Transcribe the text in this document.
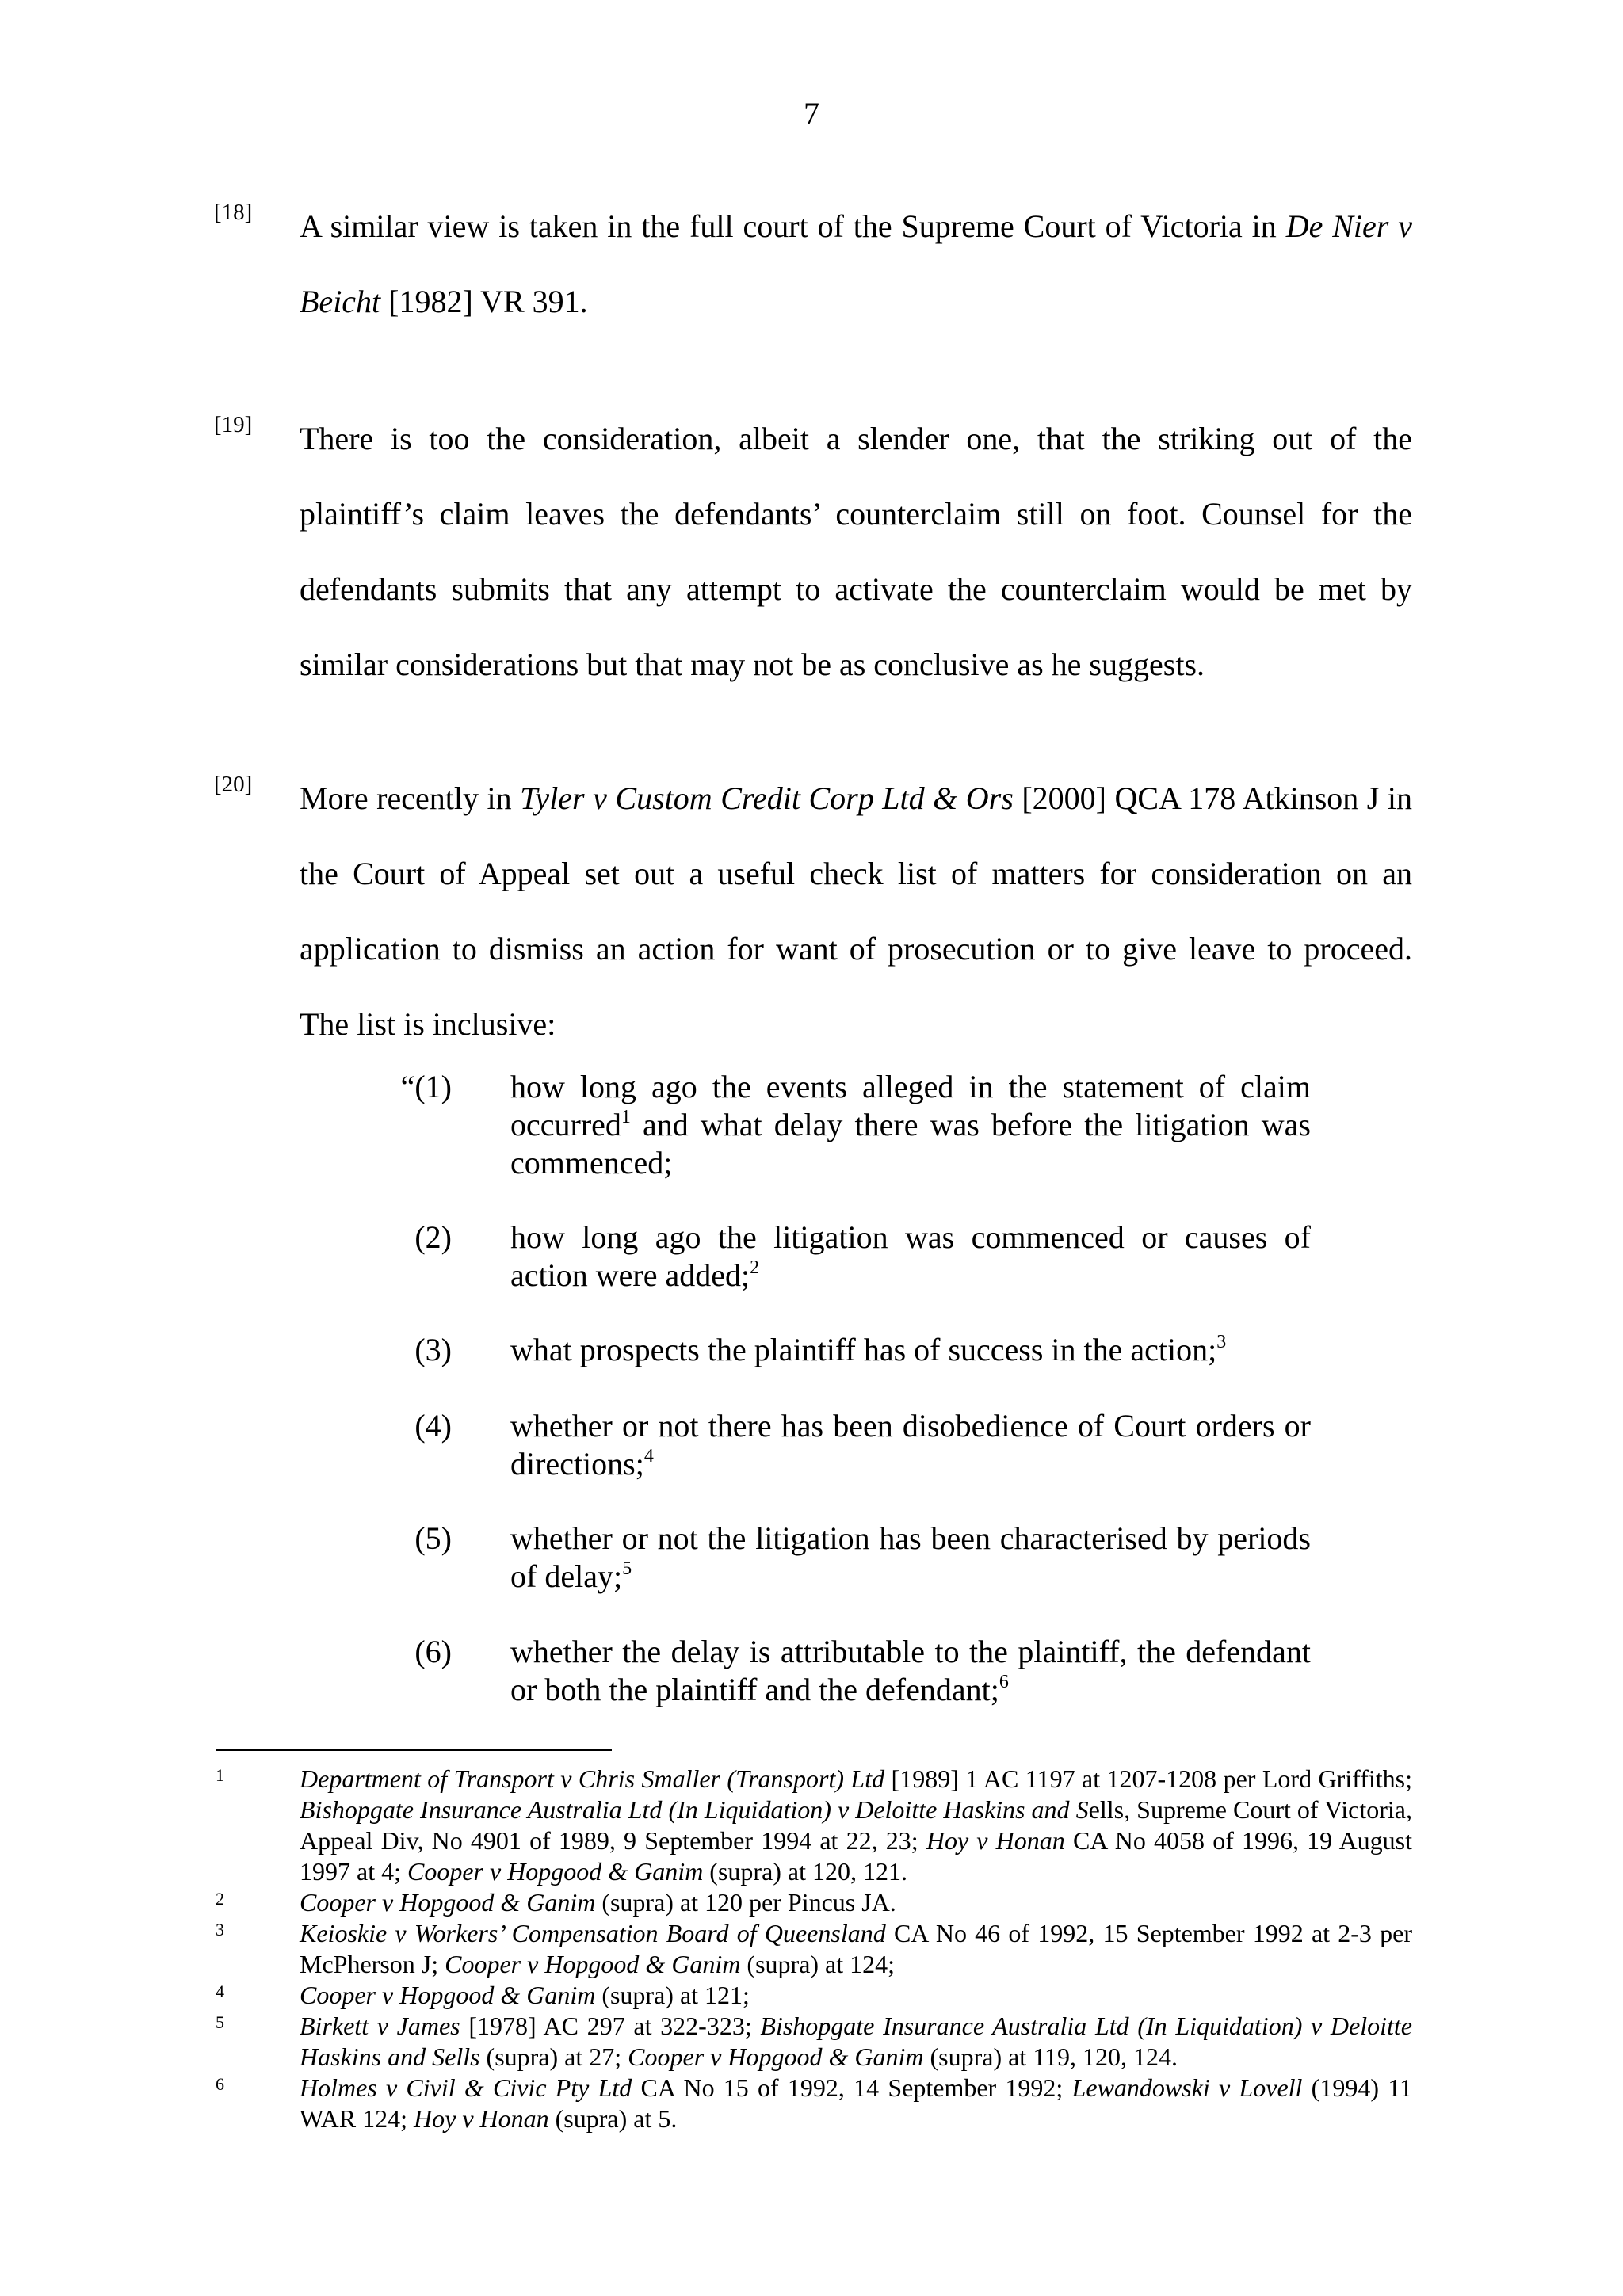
7
[18] A similar view is taken in the full court of the Supreme Court of Victoria in De Nier v Beicht [1982] VR 391.
[19] There is too the consideration, albeit a slender one, that the striking out of the plaintiff’s claim leaves the defendants’ counterclaim still on foot. Counsel for the defendants submits that any attempt to activate the counterclaim would be met by similar considerations but that may not be as conclusive as he suggests.
[20] More recently in Tyler v Custom Credit Corp Ltd & Ors [2000] QCA 178 Atkinson J in the Court of Appeal set out a useful check list of matters for consideration on an application to dismiss an action for want of prosecution or to give leave to proceed. The list is inclusive:
“(1) how long ago the events alleged in the statement of claim occurred$^1$ and what delay there was before the litigation was commenced;
(2) how long ago the litigation was commenced or causes of action were added;$^2$
(3) what prospects the plaintiff has of success in the action;$^3$
(4) whether or not there has been disobedience of Court orders or directions;$^4$
(5) whether or not the litigation has been characterised by periods of delay;$^5$
(6) whether the delay is attributable to the plaintiff, the defendant or both the plaintiff and the defendant;$^6$
1	Department of Transport v Chris Smaller (Transport) Ltd [1989] 1 AC 1197 at 1207-1208 per Lord Griffiths; Bishopgate Insurance Australia Ltd (In Liquidation) v Deloitte Haskins and Sells, Supreme Court of Victoria, Appeal Div, No 4901 of 1989, 9 September 1994 at 22, 23; Hoy v Honan CA No 4058 of 1996, 19 August 1997 at 4; Cooper v Hopgood & Ganim (supra) at 120, 121.
2	Cooper v Hopgood & Ganim (supra) at 120 per Pincus JA.
3	Keioskie v Workers’ Compensation Board of Queensland CA No 46 of 1992, 15 September 1992 at 2-3 per McPherson J; Cooper v Hopgood & Ganim (supra) at 124;
4	Cooper v Hopgood & Ganim (supra) at 121;
5	Birkett v James [1978] AC 297 at 322-323; Bishopgate Insurance Australia Ltd (In Liquidation) v Deloitte Haskins and Sells (supra) at 27; Cooper v Hopgood & Ganim (supra) at 119, 120, 124.
6	Holmes v Civil & Civic Pty Ltd CA No 15 of 1992, 14 September 1992; Lewandowski v Lovell (1994) 11 WAR 124; Hoy v Honan (supra) at 5.
